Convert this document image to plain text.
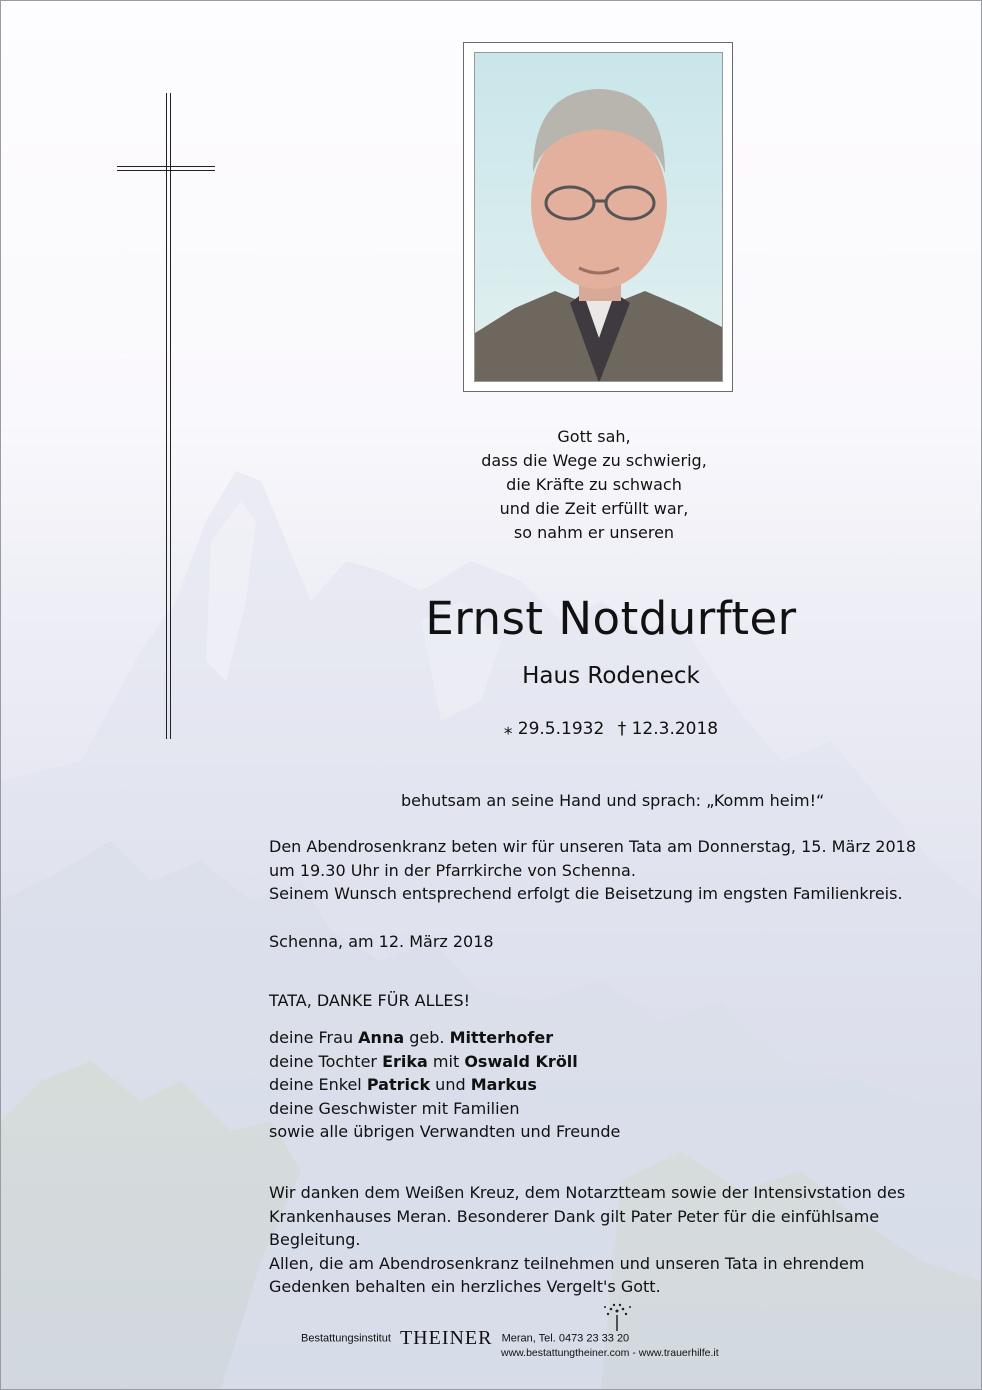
Gott sah,
dass die Wege zu schwierig,
die Kräfte zu schwach
und die Zeit erfüllt war,
so nahm er unseren
Ernst Notdurfter
Haus Rodeneck
⁎ 29.5.1932 † 12.3.2018
behutsam an seine Hand und sprach: „Komm heim!“
Den Abendrosenkranz beten wir für unseren Tata am Donnerstag, 15. März 2018
um 19.30 Uhr in der Pfarrkirche von Schenna.
Seinem Wunsch entsprechend erfolgt die Beisetzung im engsten Familienkreis.
Schenna, am 12. März 2018
TATA, DANKE FÜR ALLES!
deine Frau Anna geb. Mitterhofer
deine Tochter Erika mit Oswald Kröll
deine Enkel Patrick und Markus
deine Geschwister mit Familien
sowie alle übrigen Verwandten und Freunde
Wir danken dem Weißen Kreuz, dem Notarztteam sowie der Intensivstation des
Krankenhauses Meran. Besonderer Dank gilt Pater Peter für die einfühlsame
Begleitung.
Allen, die am Abendrosenkranz teilnehmen und unseren Tata in ehrendem
Gedenken behalten ein herzliches Vergelt's Gott.
Bestattungsinstitut THEINER Meran, Tel. 0473 23 33 20
www.bestattungtheiner.com - www.trauerhilfe.it
